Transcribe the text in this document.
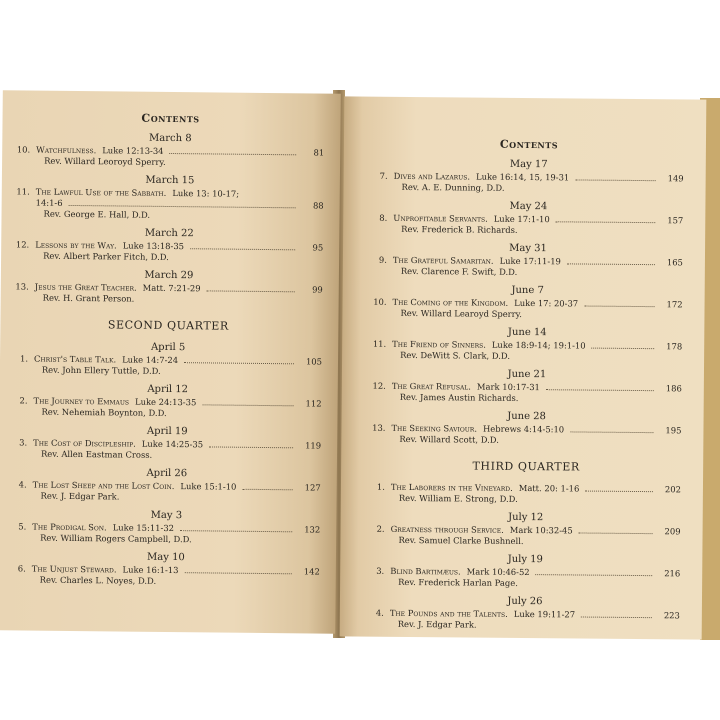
Contents
March 8
10. Watchfulness. Luke 12:13-34	81
Rev. Willard Leoroyd Sperry.
March 15
11. The Lawful Use of the Sabbath. Luke 13: 10-17;
14:1-6	88
Rev. George E. Hall, D.D.
March 22
12. Lessons by the Way. Luke 13:18-35	95
Rev. Albert Parker Fitch, D.D.
March 29
13. Jesus the Great Teacher. Matt. 7:21-29	99
Rev. H. Grant Person.
SECOND QUARTER
April 5
1. Christ's Table Talk. Luke 14:7-24	105
Rev. John Ellery Tuttle, D.D.
April 12
2. The Journey to Emmaus Luke 24:13-35	112
Rev. Nehemiah Boynton, D.D.
April 19
3. The Cost of Discipleship. Luke 14:25-35	119
Rev. Allen Eastman Cross.
April 26
4. The Lost Sheep and the Lost Coin. Luke 15:1-10	127
Rev. J. Edgar Park.
May 3
5. The Prodigal Son. Luke 15:11-32	132
Rev. William Rogers Campbell, D.D.
May 10
6. The Unjust Steward. Luke 16:1-13	142
Rev. Charles L. Noyes, D.D.
Contents
May 17
7. Dives and Lazarus. Luke 16:14, 15, 19-31	149
Rev. A. E. Dunning, D.D.
May 24
8. Unprofitable Servants. Luke 17:1-10	157
Rev. Frederick B. Richards.
May 31
9. The Grateful Samaritan. Luke 17:11-19	165
Rev. Clarence F. Swift, D.D.
June 7
10. The Coming of the Kingdom. Luke 17: 20-37	172
Rev. Willard Learoyd Sperry.
June 14
11. The Friend of Sinners. Luke 18:9-14; 19:1-10	178
Rev. DeWitt S. Clark, D.D.
June 21
12. The Great Refusal. Mark 10:17-31	186
Rev. James Austin Richards.
June 28
13. The Seeking Saviour. Hebrews 4:14-5:10	195
Rev. Willard Scott, D.D.
THIRD QUARTER
1. The Laborers in the Vineyard. Matt. 20: 1-16	202
Rev. William E. Strong, D.D.
July 12
2. Greatness through Service. Mark 10:32-45	209
Rev. Samuel Clarke Bushnell.
July 19
3. Blind Bartimæus. Mark 10:46-52	216
Rev. Frederick Harlan Page.
July 26
4. The Pounds and the Talents. Luke 19:11-27	223
Rev. J. Edgar Park.
